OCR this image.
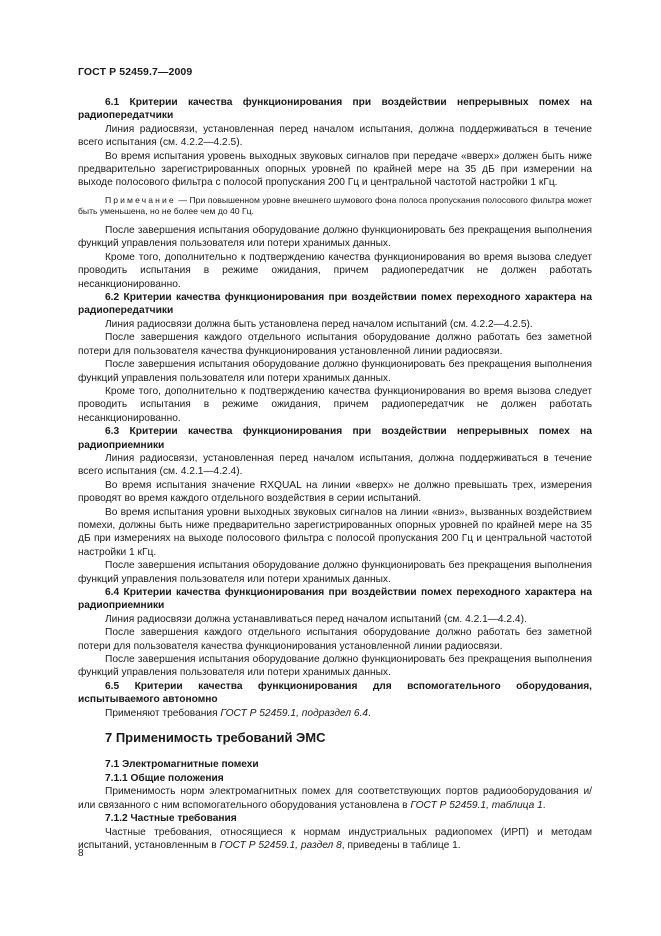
ГОСТ Р 52459.7—2009

6.1 Критерии качества функционирования при воздействии непрерывных помех на радиопередатчики

Линия радиосвязи, установленная перед началом испытания, должна поддерживаться в течение всего испытания (см. 4.2.2—4.2.5).

Во время испытания уровень выходных звуковых сигналов при передаче «вверх» должен быть ниже предварительно зарегистрированных опорных уровней по крайней мере на 35 дБ при измерении на выходе полосового фильтра с полосой пропускания 200 Гц и центральной частотой настройки 1 кГц.

Примечание — При повышенном уровне внешнего шумового фона полоса пропускания полосового фильтра может быть уменьшена, но не более чем до 40 Гц.

После завершения испытания оборудование должно функционировать без прекращения выполнения функций управления пользователя или потери хранимых данных.

Кроме того, дополнительно к подтверждению качества функционирования во время вызова следует проводить испытания в режиме ожидания, причем радиопередатчик не должен работать несанкционированно.

6.2 Критерии качества функционирования при воздействии помех переходного характера на радиопередатчики

Линия радиосвязи должна быть установлена перед началом испытаний (см. 4.2.2—4.2.5).

После завершения каждого отдельного испытания оборудование должно работать без заметной потери для пользователя качества функционирования установленной линии радиосвязи.

После завершения испытания оборудование должно функционировать без прекращения выполнения функций управления пользователя или потери хранимых данных.

Кроме того, дополнительно к подтверждению качества функционирования во время вызова следует проводить испытания в режиме ожидания, причем радиопередатчик не должен работать несанкционированно.

6.3 Критерии качества функционирования при воздействии непрерывных помех на радиоприемники

Линия радиосвязи, установленная перед началом испытания, должна поддерживаться в течение всего испытания (см. 4.2.1—4.2.4).

Во время испытания значение RXQUAL на линии «вверх» не должно превышать трех, измерения проводят во время каждого отдельного воздействия в серии испытаний.

Во время испытания уровни выходных звуковых сигналов на линии «вниз», вызванных воздействием помехи, должны быть ниже предварительно зарегистрированных опорных уровней по крайней мере на 35 дБ при измерениях на выходе полосового фильтра с полосой пропускания 200 Гц и центральной частотой настройки 1 кГц.

После завершения испытания оборудование должно функционировать без прекращения выполнения функций управления пользователя или потери хранимых данных.

6.4 Критерии качества функционирования при воздействии помех переходного характера на радиоприемники

Линия радиосвязи должна устанавливаться перед началом испытаний (см. 4.2.1—4.2.4).

После завершения каждого отдельного испытания оборудование должно работать без заметной потери для пользователя качества функционирования установленной линии радиосвязи.

После завершения испытания оборудование должно функционировать без прекращения выполнения функций управления пользователя или потери хранимых данных.

6.5 Критерии качества функционирования для вспомогательного оборудования, испытываемого автономно

Применяют требования ГОСТ Р 52459.1, подраздел 6.4.

7 Применимость требований ЭМС

7.1 Электромагнитные помехи

7.1.1 Общие положения

Применимость норм электромагнитных помех для соответствующих портов радиооборудования и/или связанного с ним вспомогательного оборудования установлена в ГОСТ Р 52459.1, таблица 1.

7.1.2 Частные требования

Частные требования, относящиеся к нормам индустриальных радиопомех (ИРП) и методам испытаний, установленным в ГОСТ Р 52459.1, раздел 8, приведены в таблице 1.

8
